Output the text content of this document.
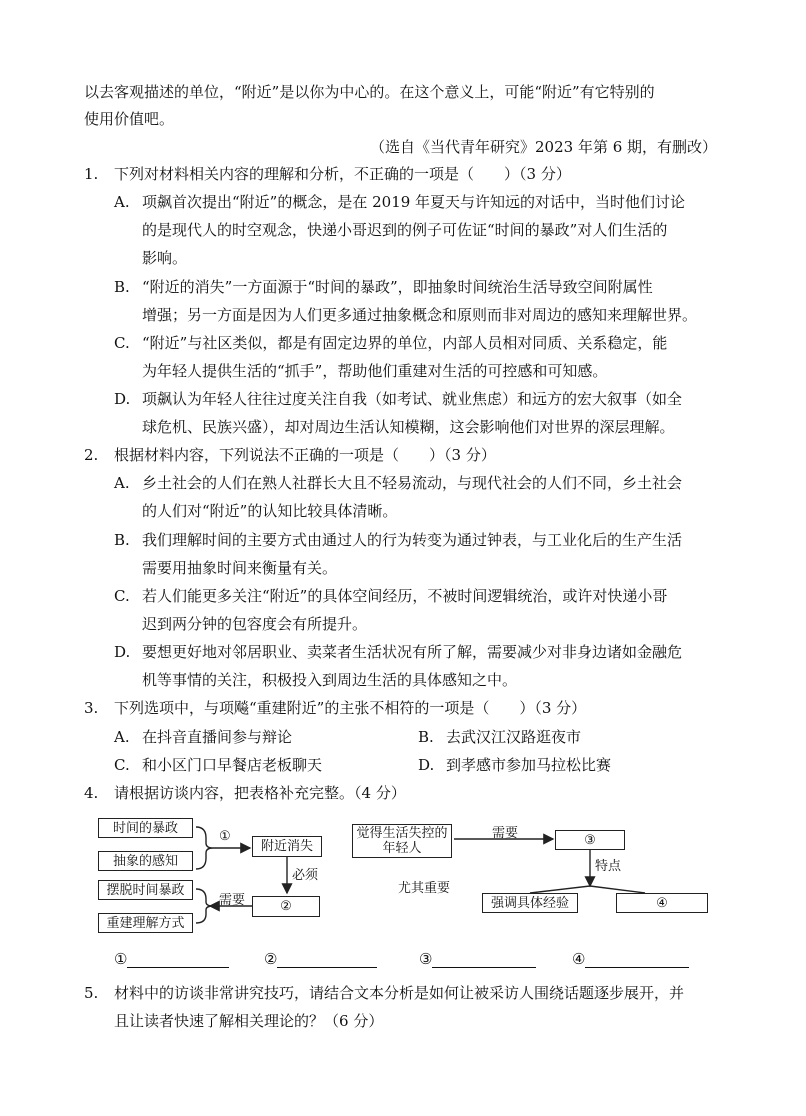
以去客观描述的单位，“附近”是以你为中心的。在这个意义上，可能“附近”有它特别的
使用价值吧。
（选自《当代青年研究》2023 年第 6 期，有删改）
1. 下列对材料相关内容的理解和分析，不正确的一项是（　　）（3 分）
A. 项飙首次提出“附近”的概念，是在 2019 年夏天与许知远的对话中，当时他们讨论
的是现代人的时空观念，快递小哥迟到的例子可佐证“时间的暴政”对人们生活的
影响。
B. “附近的消失”一方面源于“时间的暴政”，即抽象时间统治生活导致空间附属性
增强；另一方面是因为人们更多通过抽象概念和原则而非对周边的感知来理解世界。
C. “附近”与社区类似，都是有固定边界的单位，内部人员相对同质、关系稳定，能
为年轻人提供生活的“抓手”，帮助他们重建对生活的可控感和可知感。
D. 项飙认为年轻人往往过度关注自我（如考试、就业焦虑）和远方的宏大叙事（如全
球危机、民族兴盛），却对周边生活认知模糊，这会影响他们对世界的深层理解。
2. 根据材料内容，下列说法不正确的一项是（　　）（3 分）
A. 乡土社会的人们在熟人社群长大且不轻易流动，与现代社会的人们不同，乡土社会
的人们对“附近”的认知比较具体清晰。
B. 我们理解时间的主要方式由通过人的行为转变为通过钟表，与工业化后的生产生活
需要用抽象时间来衡量有关。
C. 若人们能更多关注“附近”的具体空间经历，不被时间逻辑统治，或许对快递小哥
迟到两分钟的包容度会有所提升。
D. 要想更好地对邻居职业、卖菜者生活状况有所了解，需要减少对非身边诸如金融危
机等事情的关注，积极投入到周边生活的具体感知之中。
3. 下列选项中，与项飚“重建附近”的主张不相符的一项是（　　）（3 分）
A. 在抖音直播间参与辩论	B. 去武汉江汉路逛夜市
C. 和小区门口早餐店老板聊天	D. 到孝感市参加马拉松比赛
4. 请根据访谈内容，把表格补充完整。（4 分）
时间的暴政
抽象的感知
①
附近消失
必须
摆脱时间暴政
重建理解方式
需要	②
觉得生活失控的
年轻人
需要	③
特点
尤其重要
强调具体经验	④
①	②	③	④
5. 材料中的访谈非常讲究技巧，请结合文本分析是如何让被采访人围绕话题逐步展开，并
且让读者快速了解相关理论的？（6 分）
